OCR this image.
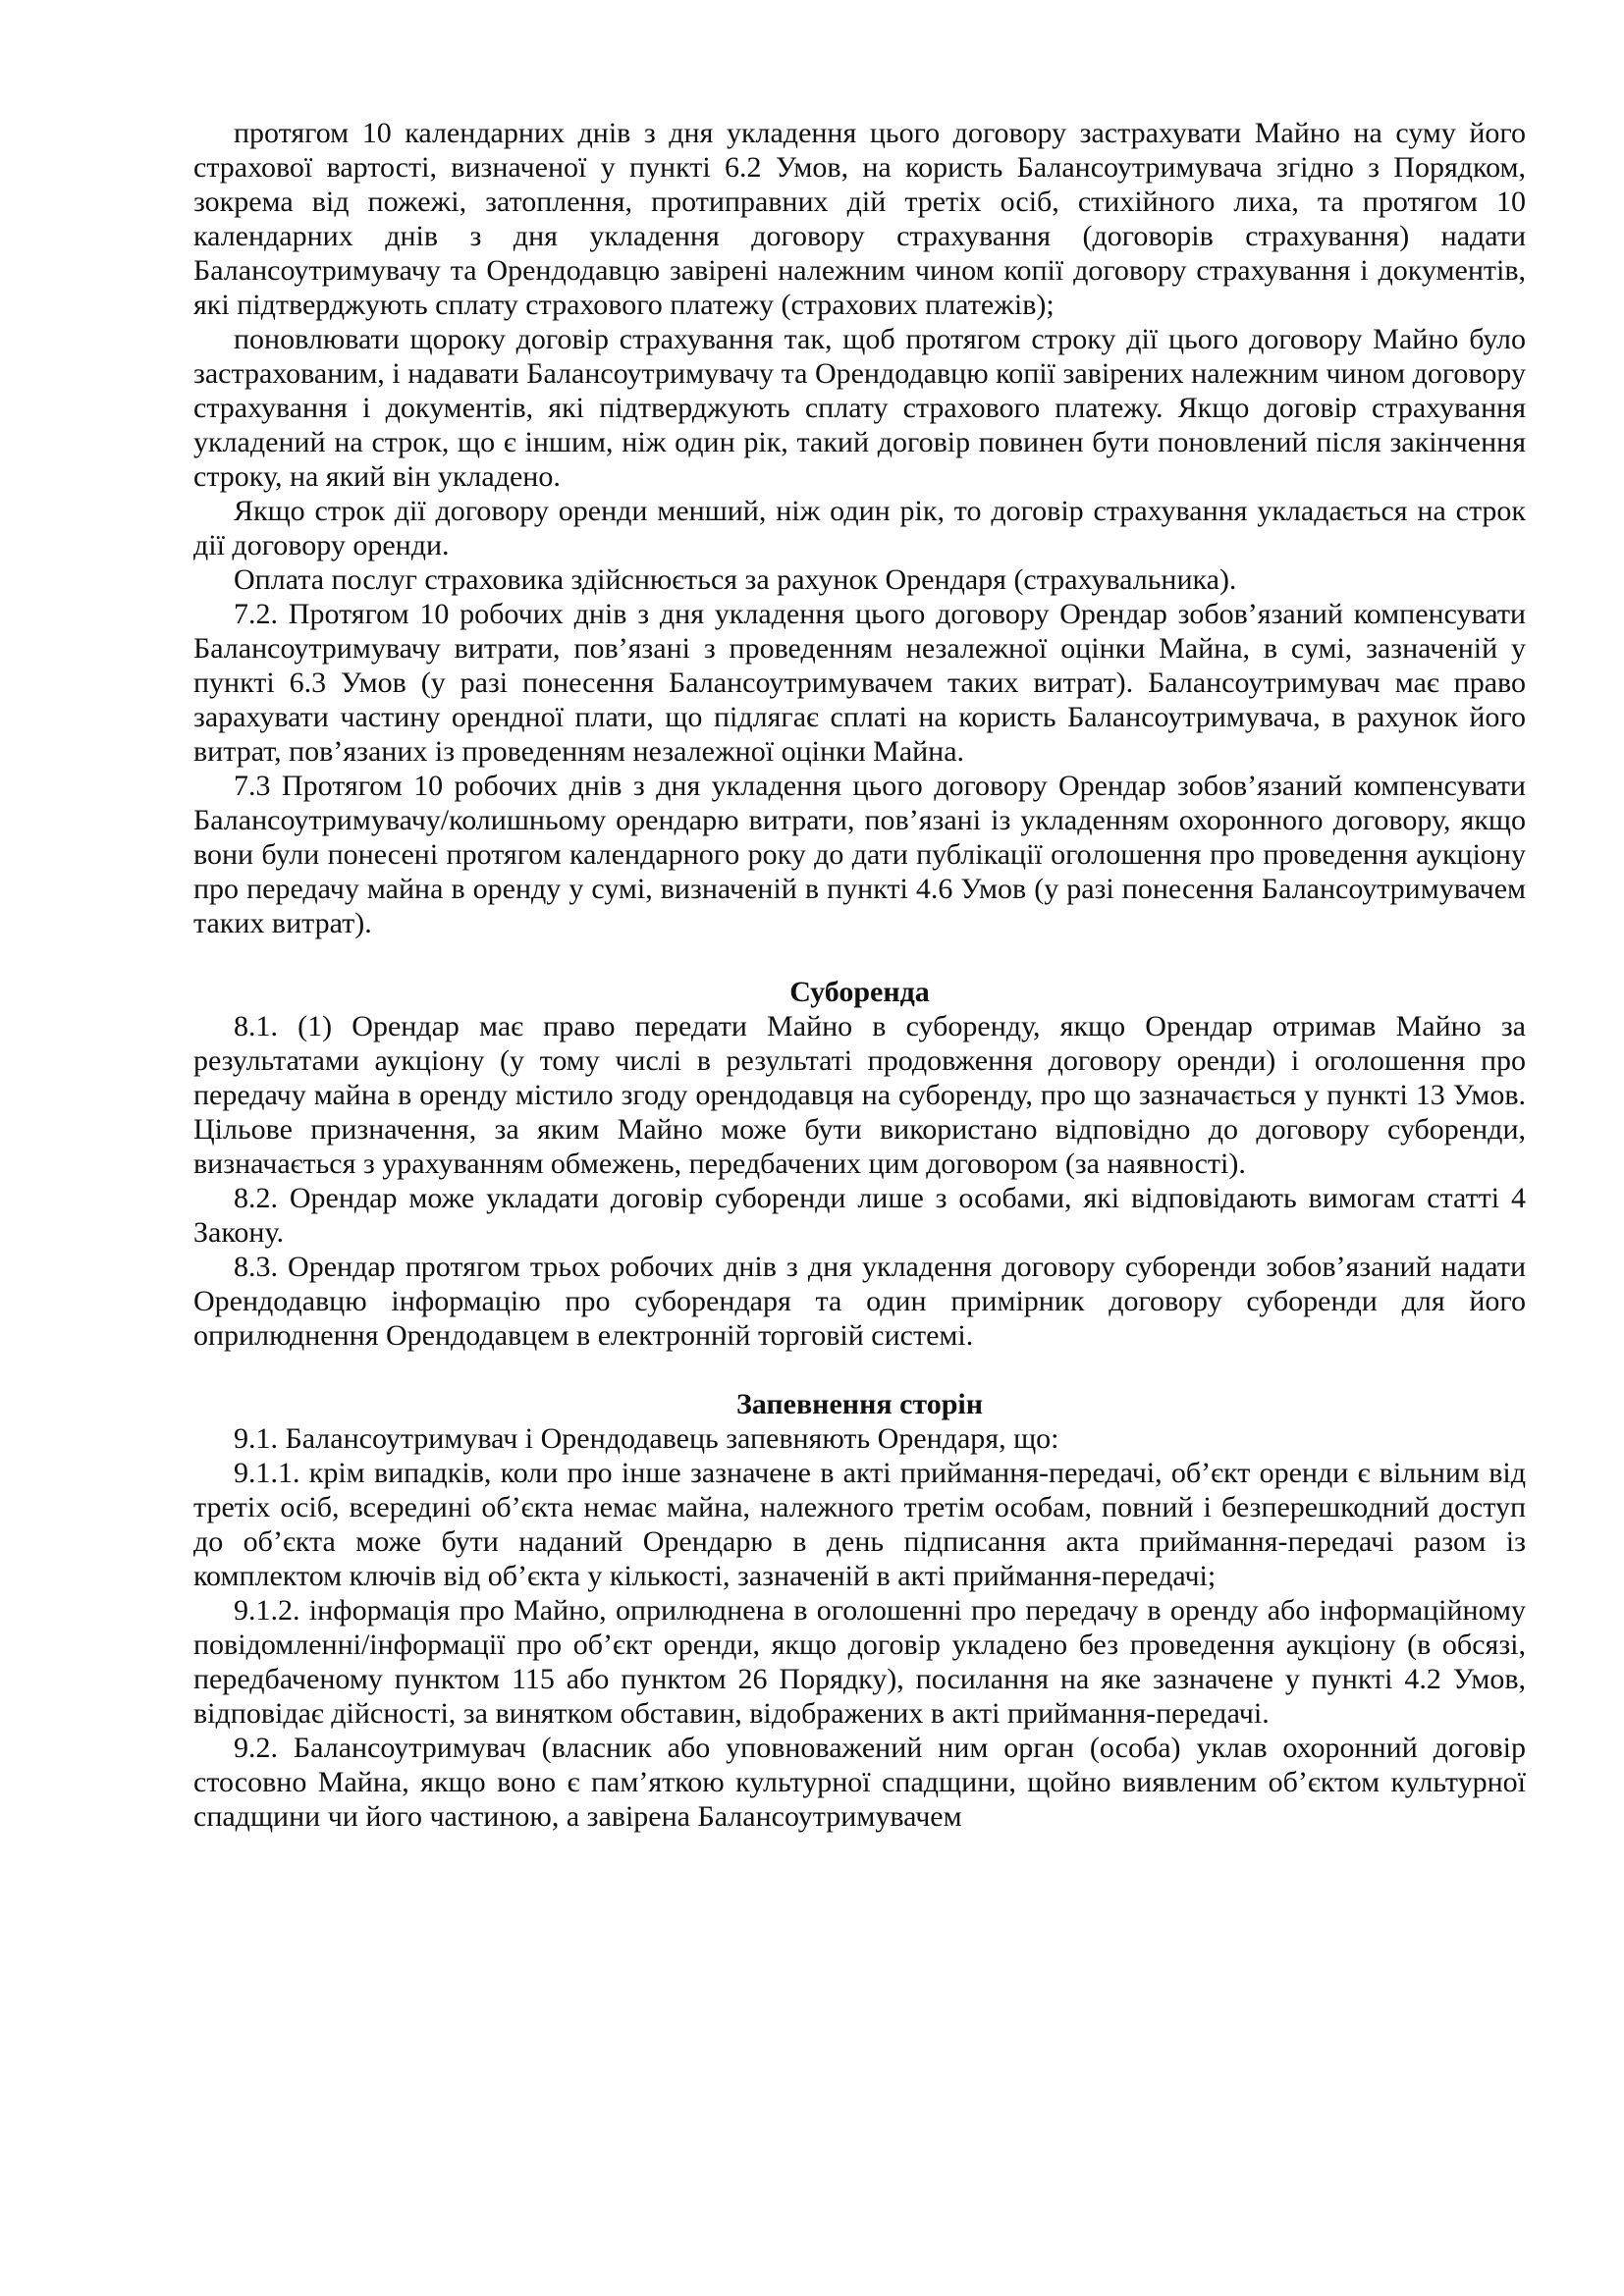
протягом 10 календарних днів з дня укладення цього договору застрахувати Майно на суму його страхової вартості, визначеної у пункті 6.2 Умов, на користь Балансоутримувача згідно з Порядком, зокрема від пожежі, затоплення, протиправних дій третіх осіб, стихійного лиха, та протягом 10 календарних днів з дня укладення договору страхування (договорів страхування) надати Балансоутримувачу та Орендодавцю завірені належним чином копії договору страхування і документів, які підтверджують сплату страхового платежу (страхових платежів);

поновлювати щороку договір страхування так, щоб протягом строку дії цього договору Майно було застрахованим, і надавати Балансоутримувачу та Орендодавцю копії завірених належним чином договору страхування і документів, які підтверджують сплату страхового платежу. Якщо договір страхування укладений на строк, що є іншим, ніж один рік, такий договір повинен бути поновлений після закінчення строку, на який він укладено.

Якщо строк дії договору оренди менший, ніж один рік, то договір страхування укладається на строк дії договору оренди.

Оплата послуг страховика здійснюється за рахунок Орендаря (страхувальника).

7.2. Протягом 10 робочих днів з дня укладення цього договору Орендар зобов’язаний компенсувати Балансоутримувачу витрати, пов’язані з проведенням незалежної оцінки Майна, в сумі, зазначеній у пункті 6.3 Умов (у разі понесення Балансоутримувачем таких витрат). Балансоутримувач має право зарахувати частину орендної плати, що підлягає сплаті на користь Балансоутримувача, в рахунок його витрат, пов’язаних із проведенням незалежної оцінки Майна.

7.3 Протягом 10 робочих днів з дня укладення цього договору Орендар зобов’язаний компенсувати Балансоутримувачу/колишньому орендарю витрати, пов’язані із укладенням охоронного договору, якщо вони були понесені протягом календарного року до дати публікації оголошення про проведення аукціону про передачу майна в оренду у сумі, визначеній в пункті 4.6 Умов (у разі понесення Балансоутримувачем таких витрат).

Суборенда

8.1. (1) Орендар має право передати Майно в суборенду, якщо Орендар отримав Майно за результатами аукціону (у тому числі в результаті продовження договору оренди) і оголошення про передачу майна в оренду містило згоду орендодавця на суборенду, про що зазначається у пункті 13 Умов. Цільове призначення, за яким Майно може бути використано відповідно до договору суборенди, визначається з урахуванням обмежень, передбачених цим договором (за наявності).

8.2. Орендар може укладати договір суборенди лише з особами, які відповідають вимогам статті 4 Закону.

8.3. Орендар протягом трьох робочих днів з дня укладення договору суборенди зобов’язаний надати Орендодавцю інформацію про суборендаря та один примірник договору суборенди для його оприлюднення Орендодавцем в електронній торговій системі.

Запевнення сторін

9.1. Балансоутримувач і Орендодавець запевняють Орендаря, що:

9.1.1. крім випадків, коли про інше зазначене в акті приймання-передачі, об’єкт оренди є вільним від третіх осіб, всередині об’єкта немає майна, належного третім особам, повний і безперешкодний доступ до об’єкта може бути наданий Орендарю в день підписання акта приймання-передачі разом із комплектом ключів від об’єкта у кількості, зазначеній в акті приймання-передачі;

9.1.2. інформація про Майно, оприлюднена в оголошенні про передачу в оренду або інформаційному повідомленні/інформації про об’єкт оренди, якщо договір укладено без проведення аукціону (в обсязі, передбаченому пунктом 115 або пунктом 26 Порядку), посилання на яке зазначене у пункті 4.2 Умов, відповідає дійсності, за винятком обставин, відображених в акті приймання-передачі.

9.2. Балансоутримувач (власник або уповноважений ним орган (особа) уклав охоронний договір стосовно Майна, якщо воно є пам’яткою культурної спадщини, щойно виявленим об’єктом культурної спадщини чи його частиною, а завірена Балансоутримувачем
